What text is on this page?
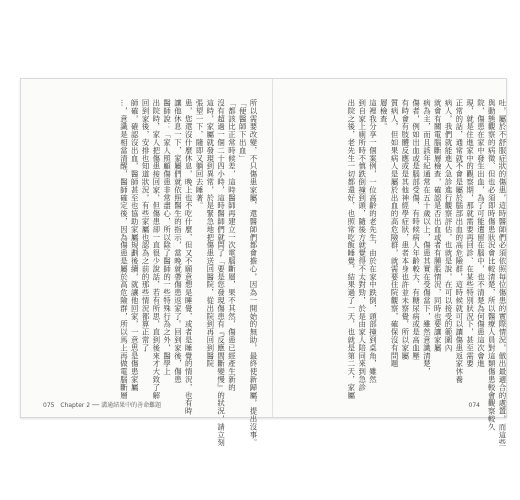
所以需要改變，不只傷患家屬，還醫師們都會擔心，因為一開始的無助，最終使新歸屬，提出沒事。
「便醫師下出血」
「都該比正常時候差，這時醫師再建立一次電腦斷層，果不其然，傷患已經產生新的
沒有超過一個二十四小時，這時醫師們就問了「要是您發現傷患有『反應間斷變慢』的狀況，請立刻
這時，家屬就發現到異常，於是緊急地把傷患送回醫院，從出院到再回到醫院
張望一下，隨即又躺回去睡著。
患，您還沒什麼休息，晚上也不吃什麼，但又不願意想是睡覺，或者是睡覺的情況，也有時
讓他休息一下，家屬們就依照醫生的指示，當晚就帶傷患返家了。回到家後，傷患
醫師說：「家人照顧傷患非常盡心，所以除了醫師的一些特殊行為之外，醫學上
出院時，家人把傷患接回家，但傷患卻一直很少說話，若有所思，直到後來才大致了解
回到家後，安排也知道狀況，有些家屬也認為之前的那些情況都算正常了
師確，確認沒出血，醫師甚至也協助家屬規劃後續，就讓他回家，一意思是傷患家屬
…，意識是相當清醒，醫師確定後，因為傷患是屬於高危險群，所以馬上再做電腦斷層
075 Chapter 2 ── 溝通結果中的善命難題	吐，屬於不舒服症狀的傷患，這時醫師們必須依照每位傷患的實際情況，做出最適合的處置，而這些
與動態觀察的病徵、但也必須即時傷患狀況會比較清楚，所以醫療人員對這類傷患較會觀察較久
院，傷患在家中發生出血，為了可能遺留在腦中，也不清楚為何傷患這次會進
現，就是住進家中的觀察期，那就需要再回診、在某些特別狀況下，甚至需要
正常的話，通常就不會是屬於腦部出血的高危險群，這時候就可以讓傷患返家休養
病人，我們就能進入急診進行觀察評估，也就是說，在可以接受的範圍內
就會有關電腦斷層檢查，確認是否出血或者有腫脹情況，同時也要讓家屬
病為主，而且該年紀通常在五十歲以上，傷患其實在受傷當下，雖然意識清楚，
傷者，例如出血或是腦部受傷，有時候病人年齡較大、有糖尿病或是高血壓
有時會有肢體反應或是其他神經學症狀，患者本身也許並未察覺，所以家屬
質病人，但如果病人是屬於出血的高危險群，就需要住院觀察，確保沒有問題
層檢查。
這裡我分享一個案例，一位高齡的老先生，由於在家中跌倒，頭部撞到桌角，雖然
到自家上廁所時不慎跌倒撞到頭，隨後方就覺得不太對勁，於是由家人陪同來到急診
出院之後，老先生一切都還好，也照常吃飯睡覺，結果過了一天，也就是第二天，家屬
074
